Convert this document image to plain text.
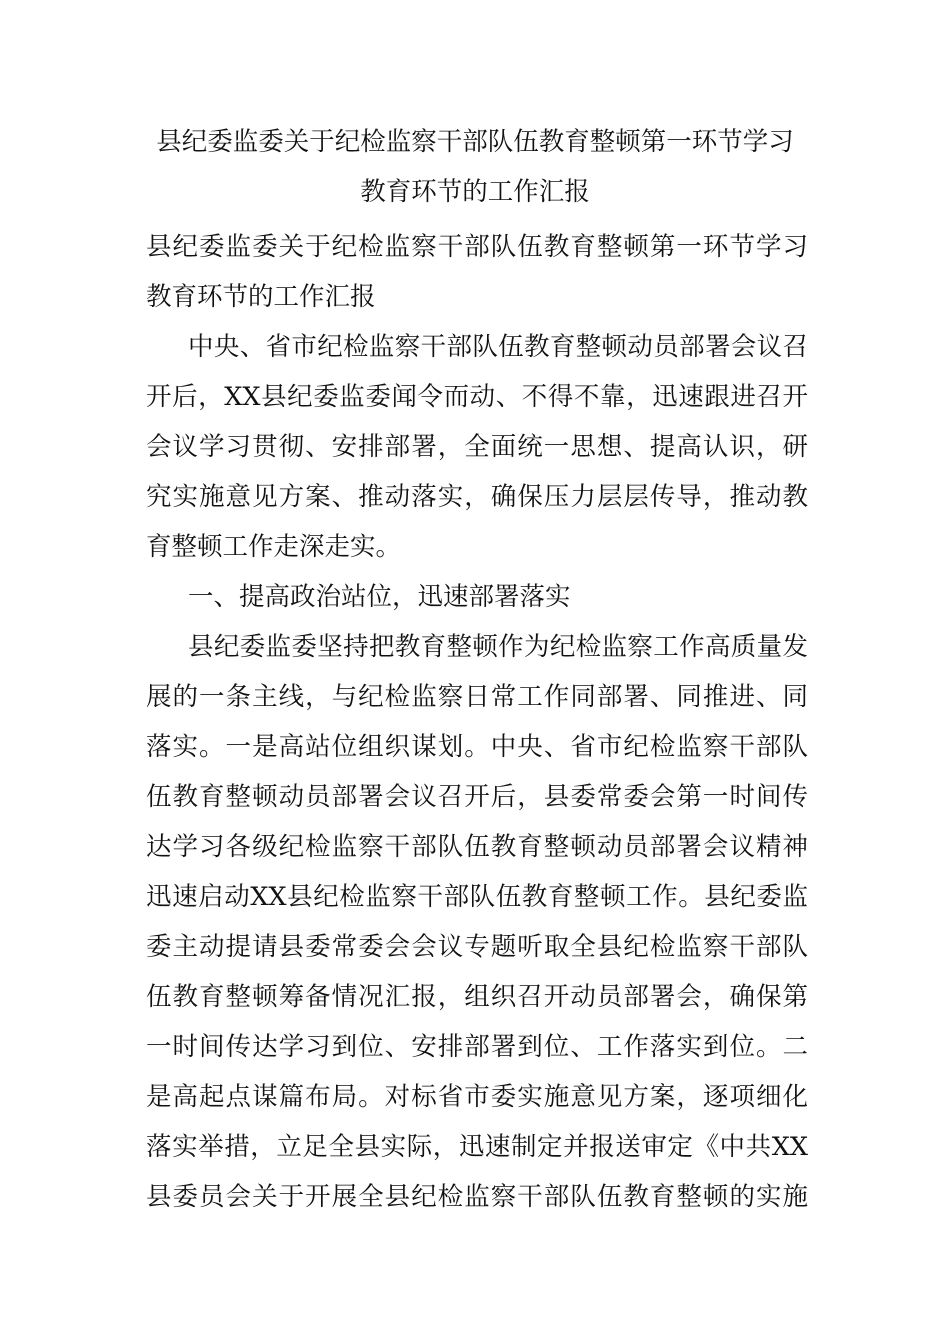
县纪委监委关于纪检监察干部队伍教育整顿第一环节学习
教育环节的工作汇报
县纪委监委关于纪检监察干部队伍教育整顿第一环节学习
教育环节的工作汇报
中央、省市纪检监察干部队伍教育整顿动员部署会议召
开后，XX县纪委监委闻令而动、不得不靠，迅速跟进召开
会议学习贯彻、安排部署，全面统一思想、提高认识，研
究实施意见方案、推动落实，确保压力层层传导，推动教
育整顿工作走深走实。
一、提高政治站位，迅速部署落实
县纪委监委坚持把教育整顿作为纪检监察工作高质量发
展的一条主线，与纪检监察日常工作同部署、同推进、同
落实。一是高站位组织谋划。中央、省市纪检监察干部队
伍教育整顿动员部署会议召开后，县委常委会第一时间传
达学习各级纪检监察干部队伍教育整顿动员部署会议精神
迅速启动XX县纪检监察干部队伍教育整顿工作。县纪委监
委主动提请县委常委会会议专题听取全县纪检监察干部队
伍教育整顿筹备情况汇报，组织召开动员部署会，确保第
一时间传达学习到位、安排部署到位、工作落实到位。二
是高起点谋篇布局。对标省市委实施意见方案，逐项细化
落实举措，立足全县实际，迅速制定并报送审定《中共XX
县委员会关于开展全县纪检监察干部队伍教育整顿的实施
